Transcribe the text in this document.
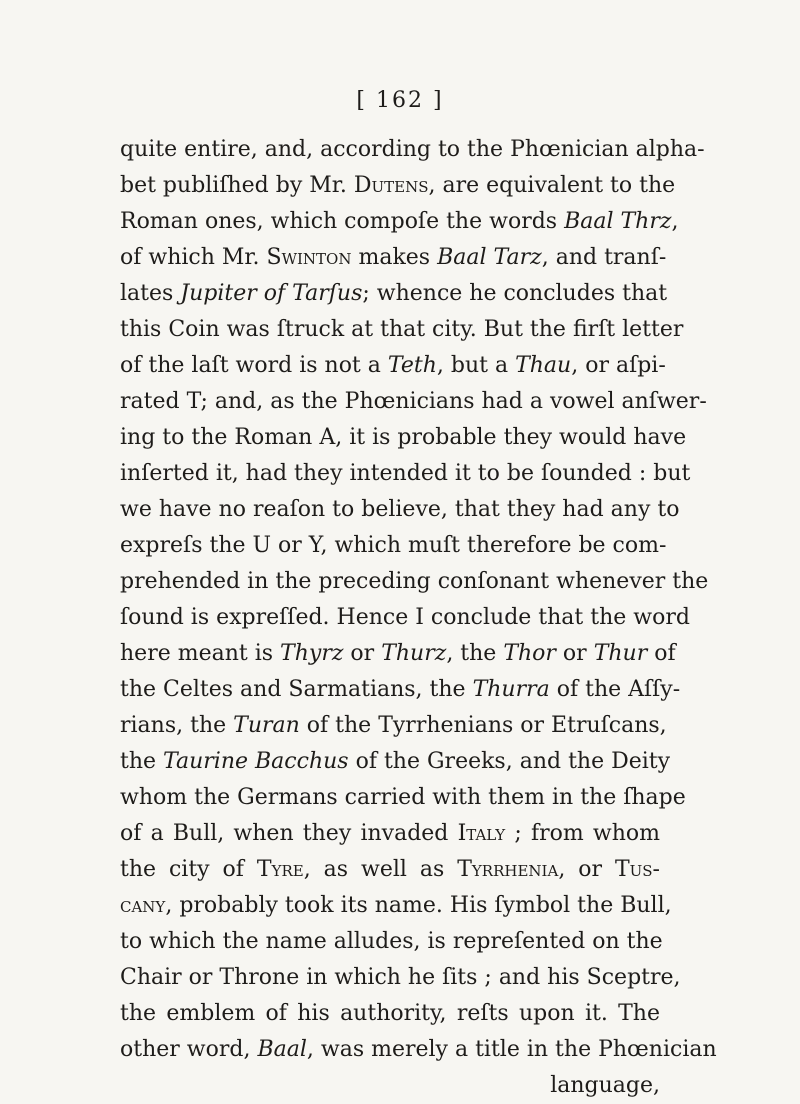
[ 162 ]
quite entire, and, according to the Phœnician alpha-
bet publiſhed by Mr. Dutens, are equivalent to the
Roman ones, which compoſe the words Baal Thrz,
of which Mr. Swinton makes Baal Tarz, and tranſ-
lates Jupiter of Tarſus; whence he concludes that
this Coin was ſtruck at that city. But the firſt letter
of the laſt word is not a Teth, but a Thau, or aſpi-
rated T; and, as the Phœnicians had a vowel anſwer-
ing to the Roman A, it is probable they would have
inſerted it, had they intended it to be ſounded : but
we have no reaſon to believe, that they had any to
expreſs the U or Y, which muſt therefore be com-
prehended in the preceding conſonant whenever the
ſound is expreſſed. Hence I conclude that the word
here meant is Thyrz or Thurz, the Thor or Thur of
the Celtes and Sarmatians, the Thurra of the Aſſy-
rians, the Turan of the Tyrrhenians or Etruſcans,
the Taurine Bacchus of the Greeks, and the Deity
whom the Germans carried with them in the ſhape
of a Bull, when they invaded Italy ; from whom
the city of Tyre, as well as Tyrrhenia, or Tus-
cany, probably took its name. His ſymbol the Bull,
to which the name alludes, is repreſented on the
Chair or Throne in which he ſits ; and his Sceptre,
the emblem of his authority, reſts upon it. The
other word, Baal, was merely a title in the Phœnician
language,
